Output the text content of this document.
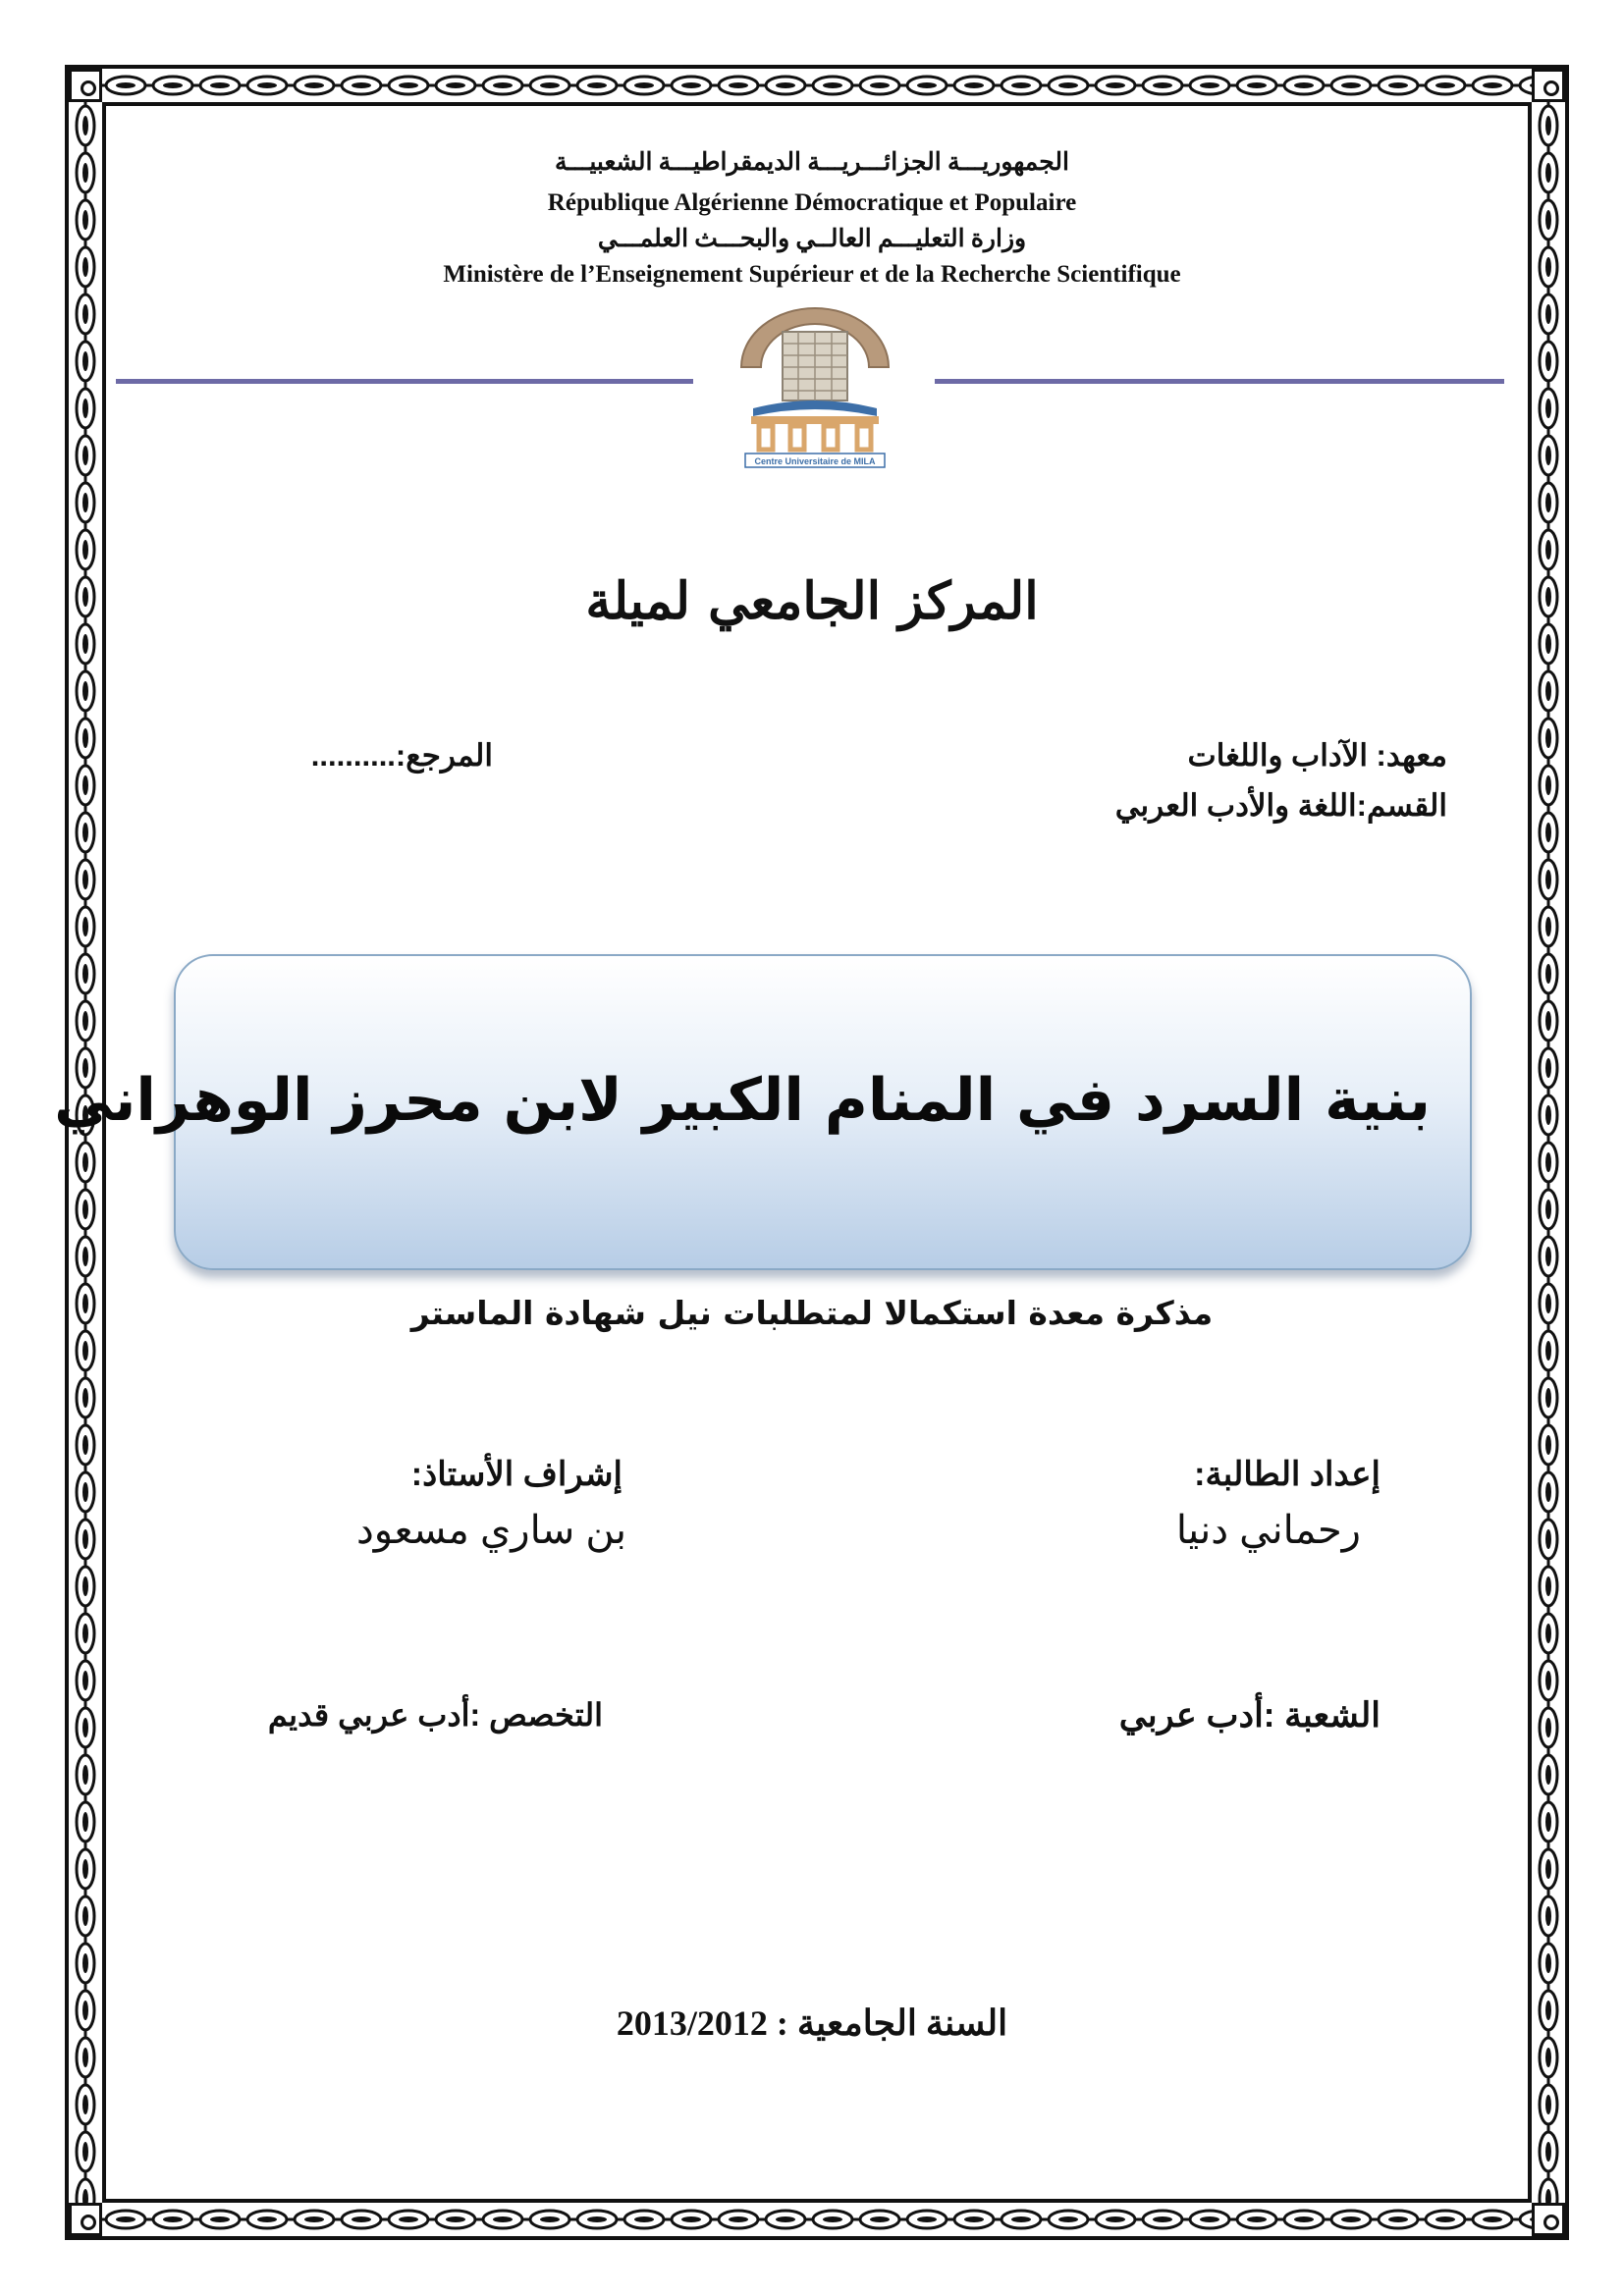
الجمهوريـــة الجزائـــريـــة الديمقراطيـــة الشعبيـــة
République Algérienne Démocratique et Populaire
وزارة التعليـــم العالــي والبحـــث العلمـــي
Ministère de l’Enseignement Supérieur et de la Recherche Scientifique
Centre Universitaire de MILA
المركز الجامعي لميلة
معهد: الآداب واللغات
القسم:اللغة والأدب العربي
المرجع:..........
بنية السرد في المنام الكبير لابن محرز الوهراني
مذكرة معدة استكمالا لمتطلبات نيل شهادة الماستر
إعداد الطالبة:
رحماني دنيا
إشراف الأستاذ:
بن ساري مسعود
الشعبة :أدب عربي
التخصص :أدب عربي قديم
السنة الجامعية : 2013/2012
